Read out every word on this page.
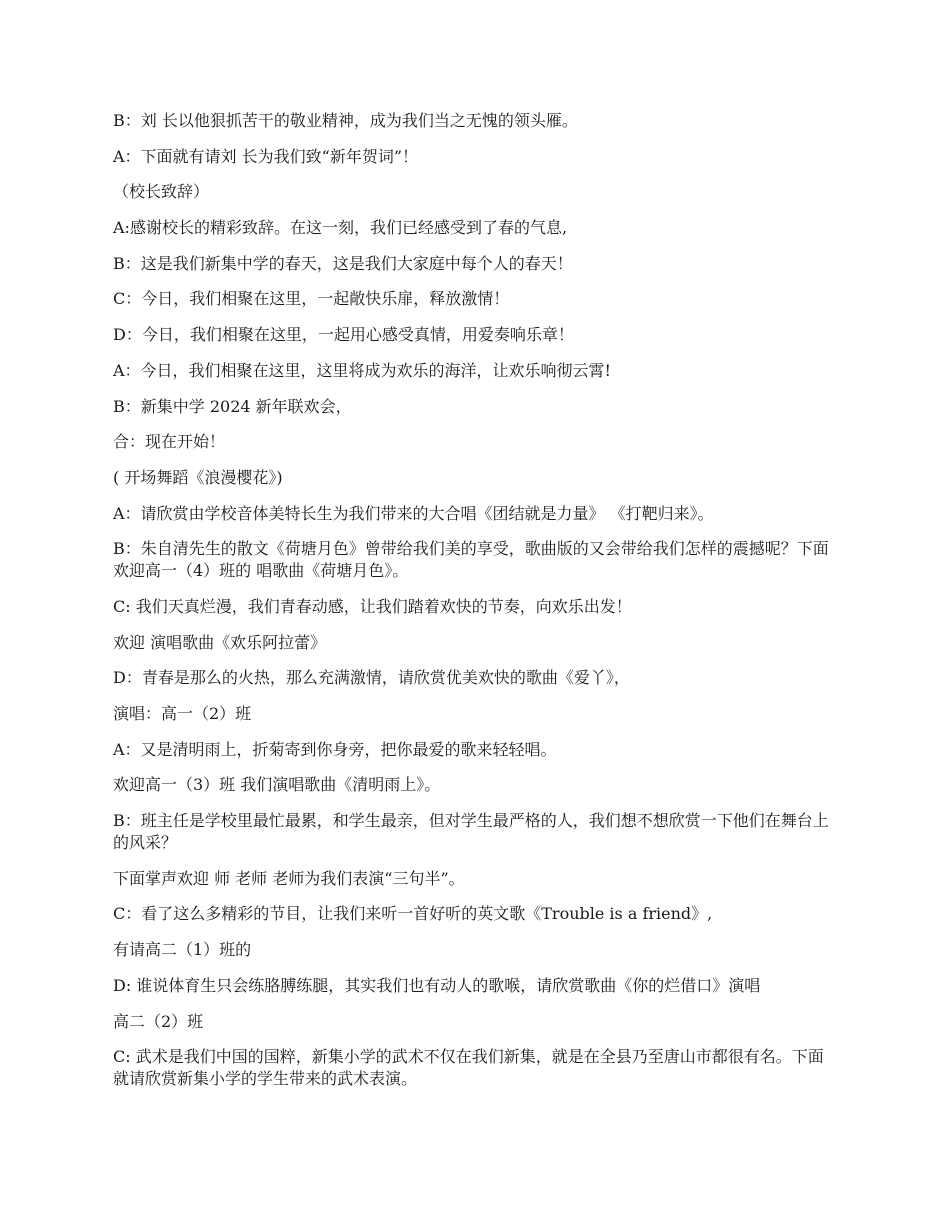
B：刘 长以他狠抓苦干的敬业精神，成为我们当之无愧的领头雁。

A：下面就有请刘 长为我们致“新年贺词”！

（校长致辞）

A:感谢校长的精彩致辞。在这一刻，我们已经感受到了春的气息,

B：这是我们新集中学的春天，这是我们大家庭中每个人的春天！

C：今日，我们相聚在这里，一起敞快乐扉，释放激情！

D：今日，我们相聚在这里，一起用心感受真情，用爱奏响乐章！

A：今日，我们相聚在这里，这里将成为欢乐的海洋，让欢乐响彻云霄!

B：新集中学 2024 新年联欢会，

合：现在开始！

( 开场舞蹈《浪漫樱花》)

A：请欣赏由学校音体美特长生为我们带来的大合唱《团结就是力量》 《打靶归来》。

B：朱自清先生的散文《荷塘月色》曾带给我们美的享受，歌曲版的又会带给我们怎样的震撼呢？下面欢迎高一（4）班的 唱歌曲《荷塘月色》。

C: 我们天真烂漫，我们青春动感，让我们踏着欢快的节奏，向欢乐出发！

欢迎 演唱歌曲《欢乐阿拉蕾》

D：青春是那么的火热，那么充满激情，请欣赏优美欢快的歌曲《爱丫》，

演唱：高一（2）班

A：又是清明雨上，折菊寄到你身旁，把你最爱的歌来轻轻唱。

欢迎高一（3）班 我们演唱歌曲《清明雨上》。

B：班主任是学校里最忙最累，和学生最亲，但对学生最严格的人，我们想不想欣赏一下他们在舞台上的风采？

下面掌声欢迎 师 老师 老师为我们表演“三句半”。

C：看了这么多精彩的节目，让我们来听一首好听的英文歌《Trouble is a friend》,

有请高二（1）班的

D: 谁说体育生只会练胳膊练腿，其实我们也有动人的歌喉，请欣赏歌曲《你的烂借口》演唱

高二（2）班

C: 武术是我们中国的国粹，新集小学的武术不仅在我们新集，就是在全县乃至唐山市都很有名。下面就请欣赏新集小学的学生带来的武术表演。
